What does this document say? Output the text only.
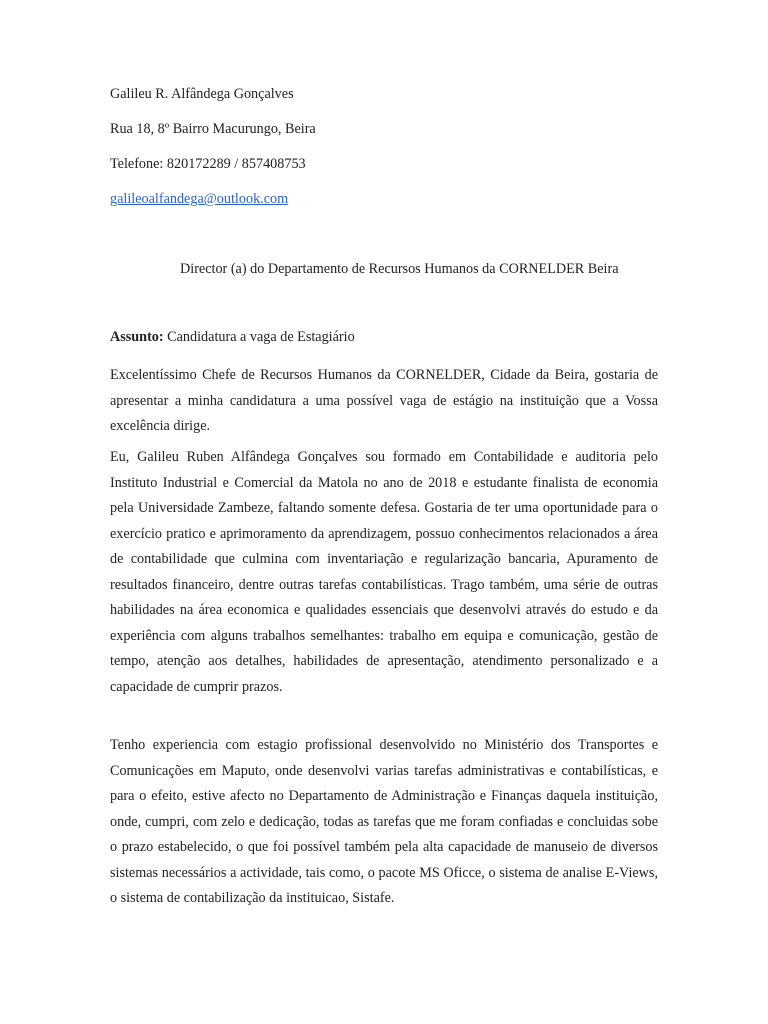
Galileu R. Alfândega Gonçalves

Rua 18, 8º Bairro Macurungo, Beira

Telefone: 820172289 / 857408753

galileoalfandega@outlook.com

Director (a) do Departamento de Recursos Humanos da CORNELDER Beira

Assunto: Candidatura a vaga de Estagiário

Excelentíssimo Chefe de Recursos Humanos da CORNELDER, Cidade da Beira, gostaria de apresentar a minha candidatura a uma possível vaga de estágio na instituição que a Vossa excelência dirige.

Eu, Galileu Ruben Alfândega Gonçalves sou formado em Contabilidade e auditoria pelo Instituto Industrial e Comercial da Matola no ano de 2018 e estudante finalista de economia pela Universidade Zambeze, faltando somente defesa. Gostaria de ter uma oportunidade para o exercício pratico e aprimoramento da aprendizagem, possuo conhecimentos relacionados a área de contabilidade que culmina com inventariação e regularização bancaria, Apuramento de resultados financeiro, dentre outras tarefas contabilísticas. Trago também, uma série de outras habilidades na área economica e qualidades essenciais que desenvolvi através do estudo e da experiência com alguns trabalhos semelhantes: trabalho em equipa e comunicação, gestão de tempo, atenção aos detalhes, habilidades de apresentação, atendimento personalizado e a capacidade de cumprir prazos.

Tenho experiencia com estagio profissional desenvolvido no Ministério dos Transportes e Comunicações em Maputo, onde desenvolvi varias tarefas administrativas e contabilísticas, e para o efeito, estive afecto no Departamento de Administração e Finanças daquela instituição, onde, cumpri, com zelo e dedicação, todas as tarefas que me foram confiadas e concluidas sobe o prazo estabelecido, o que foi possível também pela alta capacidade de manuseio de diversos sistemas necessários a actividade, tais como, o pacote MS Oficce, o sistema de analise E-Views, o sistema de contabilização da instituicao, Sistafe.
